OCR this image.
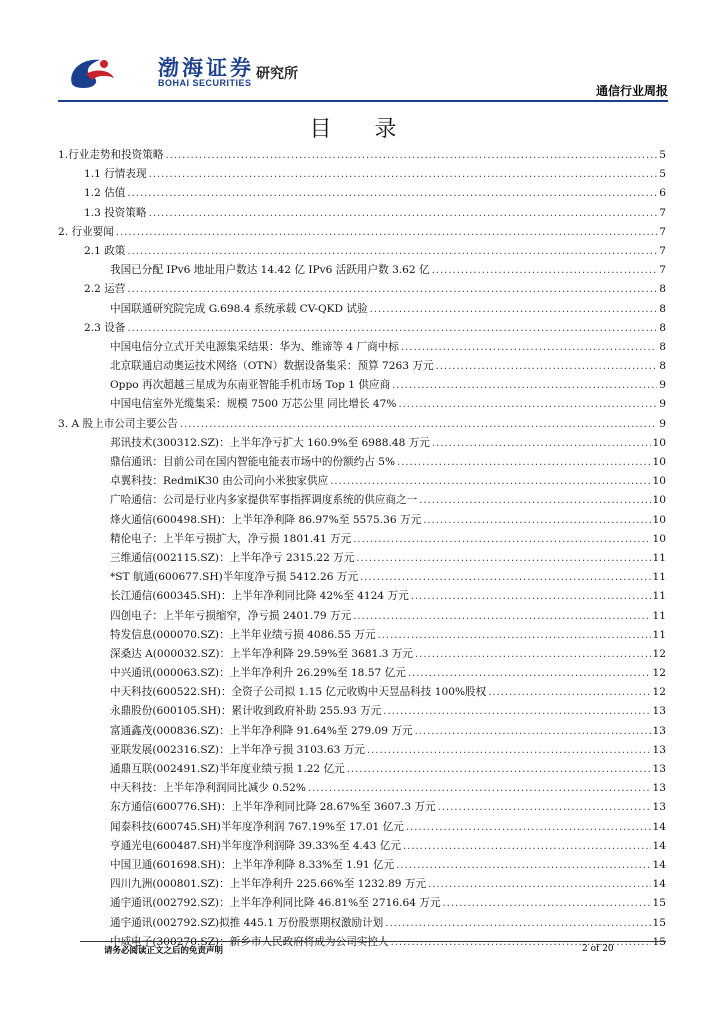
渤海证券
BOHAI SECURITIES
研究所
通信行业周报
目 录
1.行业走势和投资策略 .....	5
1.1 行情表现 .....	5
1.2 估值 .....	6
1.3 投资策略 .....	7
2. 行业要闻 .....	7
2.1 政策 .....	7
我国已分配 IPv6 地址用户数达 14.42 亿 IPv6 活跃用户数 3.62 亿 .....	7
2.2 运营 .....	8
中国联通研究院完成 G.698.4 系统承载 CV-QKD 试验 .....	8
2.3 设备 .....	8
中国电信分立式开关电源集采结果：华为、维谛等 4 厂商中标 .....	8
北京联通启动奥运技术网络（OTN）数据设备集采：预算 7263 万元 .....	8
Oppo 再次超越三星成为东南亚智能手机市场 Top 1 供应商 .....	9
中国电信室外光缆集采：规模 7500 万芯公里 同比增长 47% .....	9
3. A 股上市公司主要公告 .....	9
邦讯技术(300312.SZ)：上半年净亏扩大 160.9%至 6988.48 万元 .....	10
鼎信通讯：目前公司在国内智能电能表市场中的份额约占 5% .....	10
卓翼科技：RedmiK30 由公司向小米独家供应 .....	10
广哈通信：公司是行业内多家提供军事指挥调度系统的供应商之一 .....	10
烽火通信(600498.SH)：上半年净利降 86.97%至 5575.36 万元 .....	10
精伦电子：上半年亏损扩大，净亏损 1801.41 万元 .....	10
三维通信(002115.SZ)：上半年净亏 2315.22 万元 .....	11
*ST 航通(600677.SH)半年度净亏损 5412.26 万元 .....	11
长江通信(600345.SH)：上半年净利同比降 42%至 4124 万元 .....	11
四创电子：上半年亏损缩窄，净亏损 2401.79 万元 .....	11
特发信息(000070.SZ)：上半年业绩亏损 4086.55 万元 .....	11
深桑达 A(000032.SZ)：上半年净利降 29.59%至 3681.3 万元 .....	12
中兴通讯(000063.SZ)：上半年净利升 26.29%至 18.57 亿元 .....	12
中天科技(600522.SH)：全资子公司拟 1.15 亿元收购中天昱品科技 100%股权 .....	12
永鼎股份(600105.SH)：累计收到政府补助 255.93 万元 .....	13
富通鑫茂(000836.SZ)：上半年净利降 91.64%至 279.09 万元 .....	13
亚联发展(002316.SZ)：上半年净亏损 3103.63 万元 .....	13
通鼎互联(002491.SZ)半年度业绩亏损 1.22 亿元 .....	13
中天科技：上半年净利润同比减少 0.52% .....	13
东方通信(600776.SH)：上半年净利同比降 28.67%至 3607.3 万元 .....	13
闻泰科技(600745.SH)半年度净利润 767.19%至 17.01 亿元 .....	14
亨通光电(600487.SH)半年度净利润降 39.33%至 4.43 亿元 .....	14
中国卫通(601698.SH)：上半年净利降 8.33%至 1.91 亿元 .....	14
四川九洲(000801.SZ)：上半年净利升 225.66%至 1232.89 万元 .....	14
通宇通讯(002792.SZ)：上半年净利同比降 46.81%至 2716.64 万元 .....	15
通宇通讯(002792.SZ)拟推 445.1 万份股票期权激励计划 .....	15
.....
请务必阅读正文之后的免责声明	2 of 20
